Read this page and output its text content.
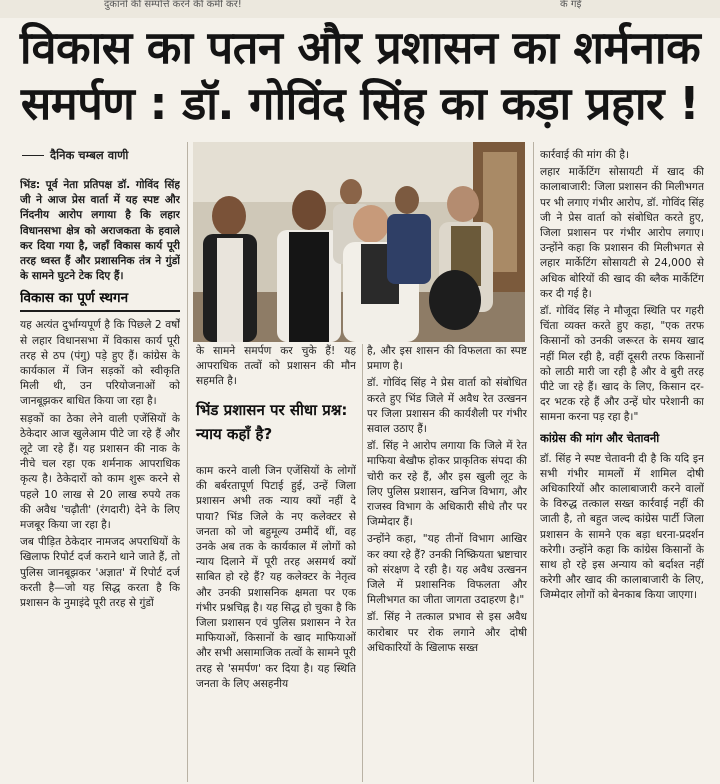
दुकानों की सम्पत्ति करने की कमी कर!	के गई
विकास का पतन और प्रशासन का शर्मनाक
समर्पण : डॉ. गोविंद सिंह का कड़ा प्रहार !
दैनिक चम्बल वाणी

भिंड: पूर्व नेता प्रतिपक्ष डॉ. गोविंद सिंह जी ने आज प्रेस वार्ता में यह स्पष्ट और निंदनीय आरोप लगाया है कि लहार विधानसभा क्षेत्र को अराजकता के हवाले कर दिया गया है, जहाँ विकास कार्य पूरी तरह ध्वस्त हैं और प्रशासनिक तंत्र ने गुंडों के सामने घुटने टेक दिए हैं।

विकास का पूर्ण स्थगन

यह अत्यंत दुर्भाग्यपूर्ण है कि पिछले 2 वर्षों से लहार विधानसभा में विकास कार्य पूरी तरह से ठप (पंगु) पड़े हुए हैं। कांग्रेस के कार्यकाल में जिन सड़कों को स्वीकृति मिली थी, उन परियोजनाओं को जानबूझकर बाधित किया जा रहा है।

सड़कों का ठेका लेने वाली एजेंसियों के ठेकेदार आज खुलेआम पीटे जा रहे हैं और लूटे जा रहे हैं। यह प्रशासन की नाक के नीचे चल रहा एक शर्मनाक आपराधिक कृत्य है। ठेकेदारों को काम शुरू करने से पहले 10 लाख से 20 लाख रुपये तक की अवैध 'चढ़ौती' (रंगदारी) देने के लिए मजबूर किया जा रहा है।

जब पीड़ित ठेकेदार नामजद अपराधियों के खिलाफ रिपोर्ट दर्ज कराने थाने जाते हैं, तो पुलिस जानबूझकर 'अज्ञात' में रिपोर्ट दर्ज करती है—जो यह सिद्ध करता है कि प्रशासन के नुमाइंदे पूरी तरह से गुंडों

के सामने समर्पण कर चुके हैं! यह आपराधिक तत्वों को प्रशासन की मौन सहमति है।

भिंड प्रशासन पर सीधा प्रश्न: न्याय कहाँ है?

काम करने वाली जिन एजेंसियों के लोगों की बर्बरतापूर्ण पिटाई हुई, उन्हें जिला प्रशासन अभी तक न्याय क्यों नहीं दे पाया? भिंड जिले के नए कलेक्टर से जनता को जो बहुमूल्य उम्मीदें थीं, वह उनके अब तक के कार्यकाल में लोगों को न्याय दिलाने में पूरी तरह असमर्थ क्यों साबित हो रहे हैं? यह कलेक्टर के नेतृत्व और उनकी प्रशासनिक क्षमता पर एक गंभीर प्रश्नचिह्न है। यह सिद्ध हो चुका है कि जिला प्रशासन एवं पुलिस प्रशासन ने रेत माफियाओं, किसानों के खाद माफियाओं और सभी असामाजिक तत्वों के सामने पूरी तरह से 'समर्पण' कर दिया है। यह स्थिति जनता के लिए असहनीय

है, और इस शासन की विफलता का स्पष्ट प्रमाण है।

डॉ. गोविंद सिंह ने प्रेस वार्ता को संबोधित करते हुए भिंड जिले में अवैध रेत उत्खनन पर जिला प्रशासन की कार्यशैली पर गंभीर सवाल उठाए हैं।

डॉ. सिंह ने आरोप लगाया कि जिले में रेत माफिया बेखौफ होकर प्राकृतिक संपदा की चोरी कर रहे हैं, और इस खुली लूट के लिए पुलिस प्रशासन, खनिज विभाग, और राजस्व विभाग के अधिकारी सीधे तौर पर जिम्मेदार हैं।

उन्होंने कहा, "यह तीनों विभाग आखिर कर क्या रहे हैं? उनकी निष्क्रियता भ्रष्टाचार को संरक्षण दे रही है। यह अवैध उत्खनन जिले में प्रशासनिक विफलता और मिलीभगत का जीता जागता उदाहरण है।"

डॉ. सिंह ने तत्काल प्रभाव से इस अवैध कारोबार पर रोक लगाने और दोषी अधिकारियों के खिलाफ सख्त

कार्रवाई की मांग की है।

लहार मार्केटिंग सोसायटी में खाद की कालाबाजारी: जिला प्रशासन की मिलीभगत पर भी लगाए गंभीर आरोप, डॉ. गोविंद सिंह जी ने प्रेस वार्ता को संबोधित करते हुए, जिला प्रशासन पर गंभीर आरोप लगाए। उन्होंने कहा कि प्रशासन की मिलीभगत से लहार मार्केटिंग सोसायटी से 24,000 से अधिक बोरियों की खाद की ब्लैक मार्केटिंग कर दी गई है।

डॉ. गोविंद सिंह ने मौजूदा स्थिति पर गहरी चिंता व्यक्त करते हुए कहा, "एक तरफ किसानों को उनकी जरूरत के समय खाद नहीं मिल रही है, वहीं दूसरी तरफ किसानों को लाठी मारी जा रही है और वे बुरी तरह पीटे जा रहे हैं। खाद के लिए, किसान दर-दर भटक रहे हैं और उन्हें घोर परेशानी का सामना करना पड़ रहा है।"

कांग्रेस की मांग और चेतावनी

डॉ. सिंह ने स्पष्ट चेतावनी दी है कि यदि इन सभी गंभीर मामलों में शामिल दोषी अधिकारियों और कालाबाजारी करने वालों के विरुद्ध तत्काल सख्त कार्रवाई नहीं की जाती है, तो बहुत जल्द कांग्रेस पार्टी जिला प्रशासन के सामने एक बड़ा धरना-प्रदर्शन करेगी। उन्होंने कहा कि कांग्रेस किसानों के साथ हो रहे इस अन्याय को बर्दाश्त नहीं करेगी और खाद की कालाबाजारी के लिए, जिम्मेदार लोगों को बेनकाब किया जाएगा।
